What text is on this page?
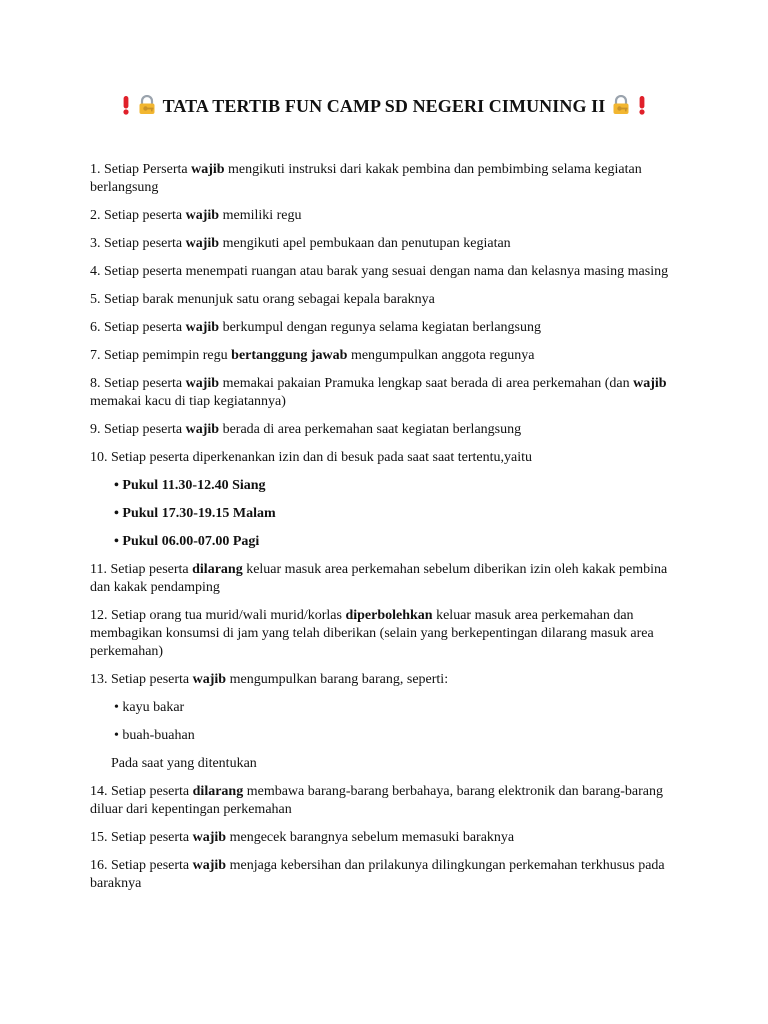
TATA TERTIB FUN CAMP SD NEGERI CIMUNING II

1. Setiap Perserta wajib mengikuti instruksi dari kakak pembina dan pembimbing selama kegiatan berlangsung

2. Setiap peserta wajib memiliki regu

3. Setiap peserta wajib mengikuti apel pembukaan dan penutupan kegiatan

4. Setiap peserta menempati ruangan atau barak yang sesuai dengan nama dan kelasnya masing masing

5. Setiap barak menunjuk satu orang sebagai kepala baraknya

6. Setiap peserta wajib berkumpul dengan regunya selama kegiatan berlangsung

7. Setiap pemimpin regu bertanggung jawab mengumpulkan anggota regunya

8. Setiap peserta wajib memakai pakaian Pramuka lengkap saat berada di area perkemahan (dan wajib memakai kacu di tiap kegiatannya)

9. Setiap peserta wajib berada di area perkemahan saat kegiatan berlangsung

10. Setiap peserta diperkenankan izin dan di besuk pada saat saat tertentu,yaitu

• Pukul 11.30-12.40 Siang

• Pukul 17.30-19.15 Malam

• Pukul 06.00-07.00 Pagi

11. Setiap peserta dilarang keluar masuk area perkemahan sebelum diberikan izin oleh kakak pembina dan kakak pendamping

12. Setiap orang tua murid/wali murid/korlas diperbolehkan keluar masuk area perkemahan dan membagikan konsumsi di jam yang telah diberikan (selain yang berkepentingan dilarang masuk area perkemahan)

13. Setiap peserta wajib mengumpulkan barang barang, seperti:

• kayu bakar

• buah-buahan

Pada saat yang ditentukan

14. Setiap peserta dilarang membawa barang-barang berbahaya, barang elektronik dan barang-barang diluar dari kepentingan perkemahan

15. Setiap peserta wajib mengecek barangnya sebelum memasuki baraknya

16. Setiap peserta wajib menjaga kebersihan dan prilakunya dilingkungan perkemahan terkhusus pada baraknya
